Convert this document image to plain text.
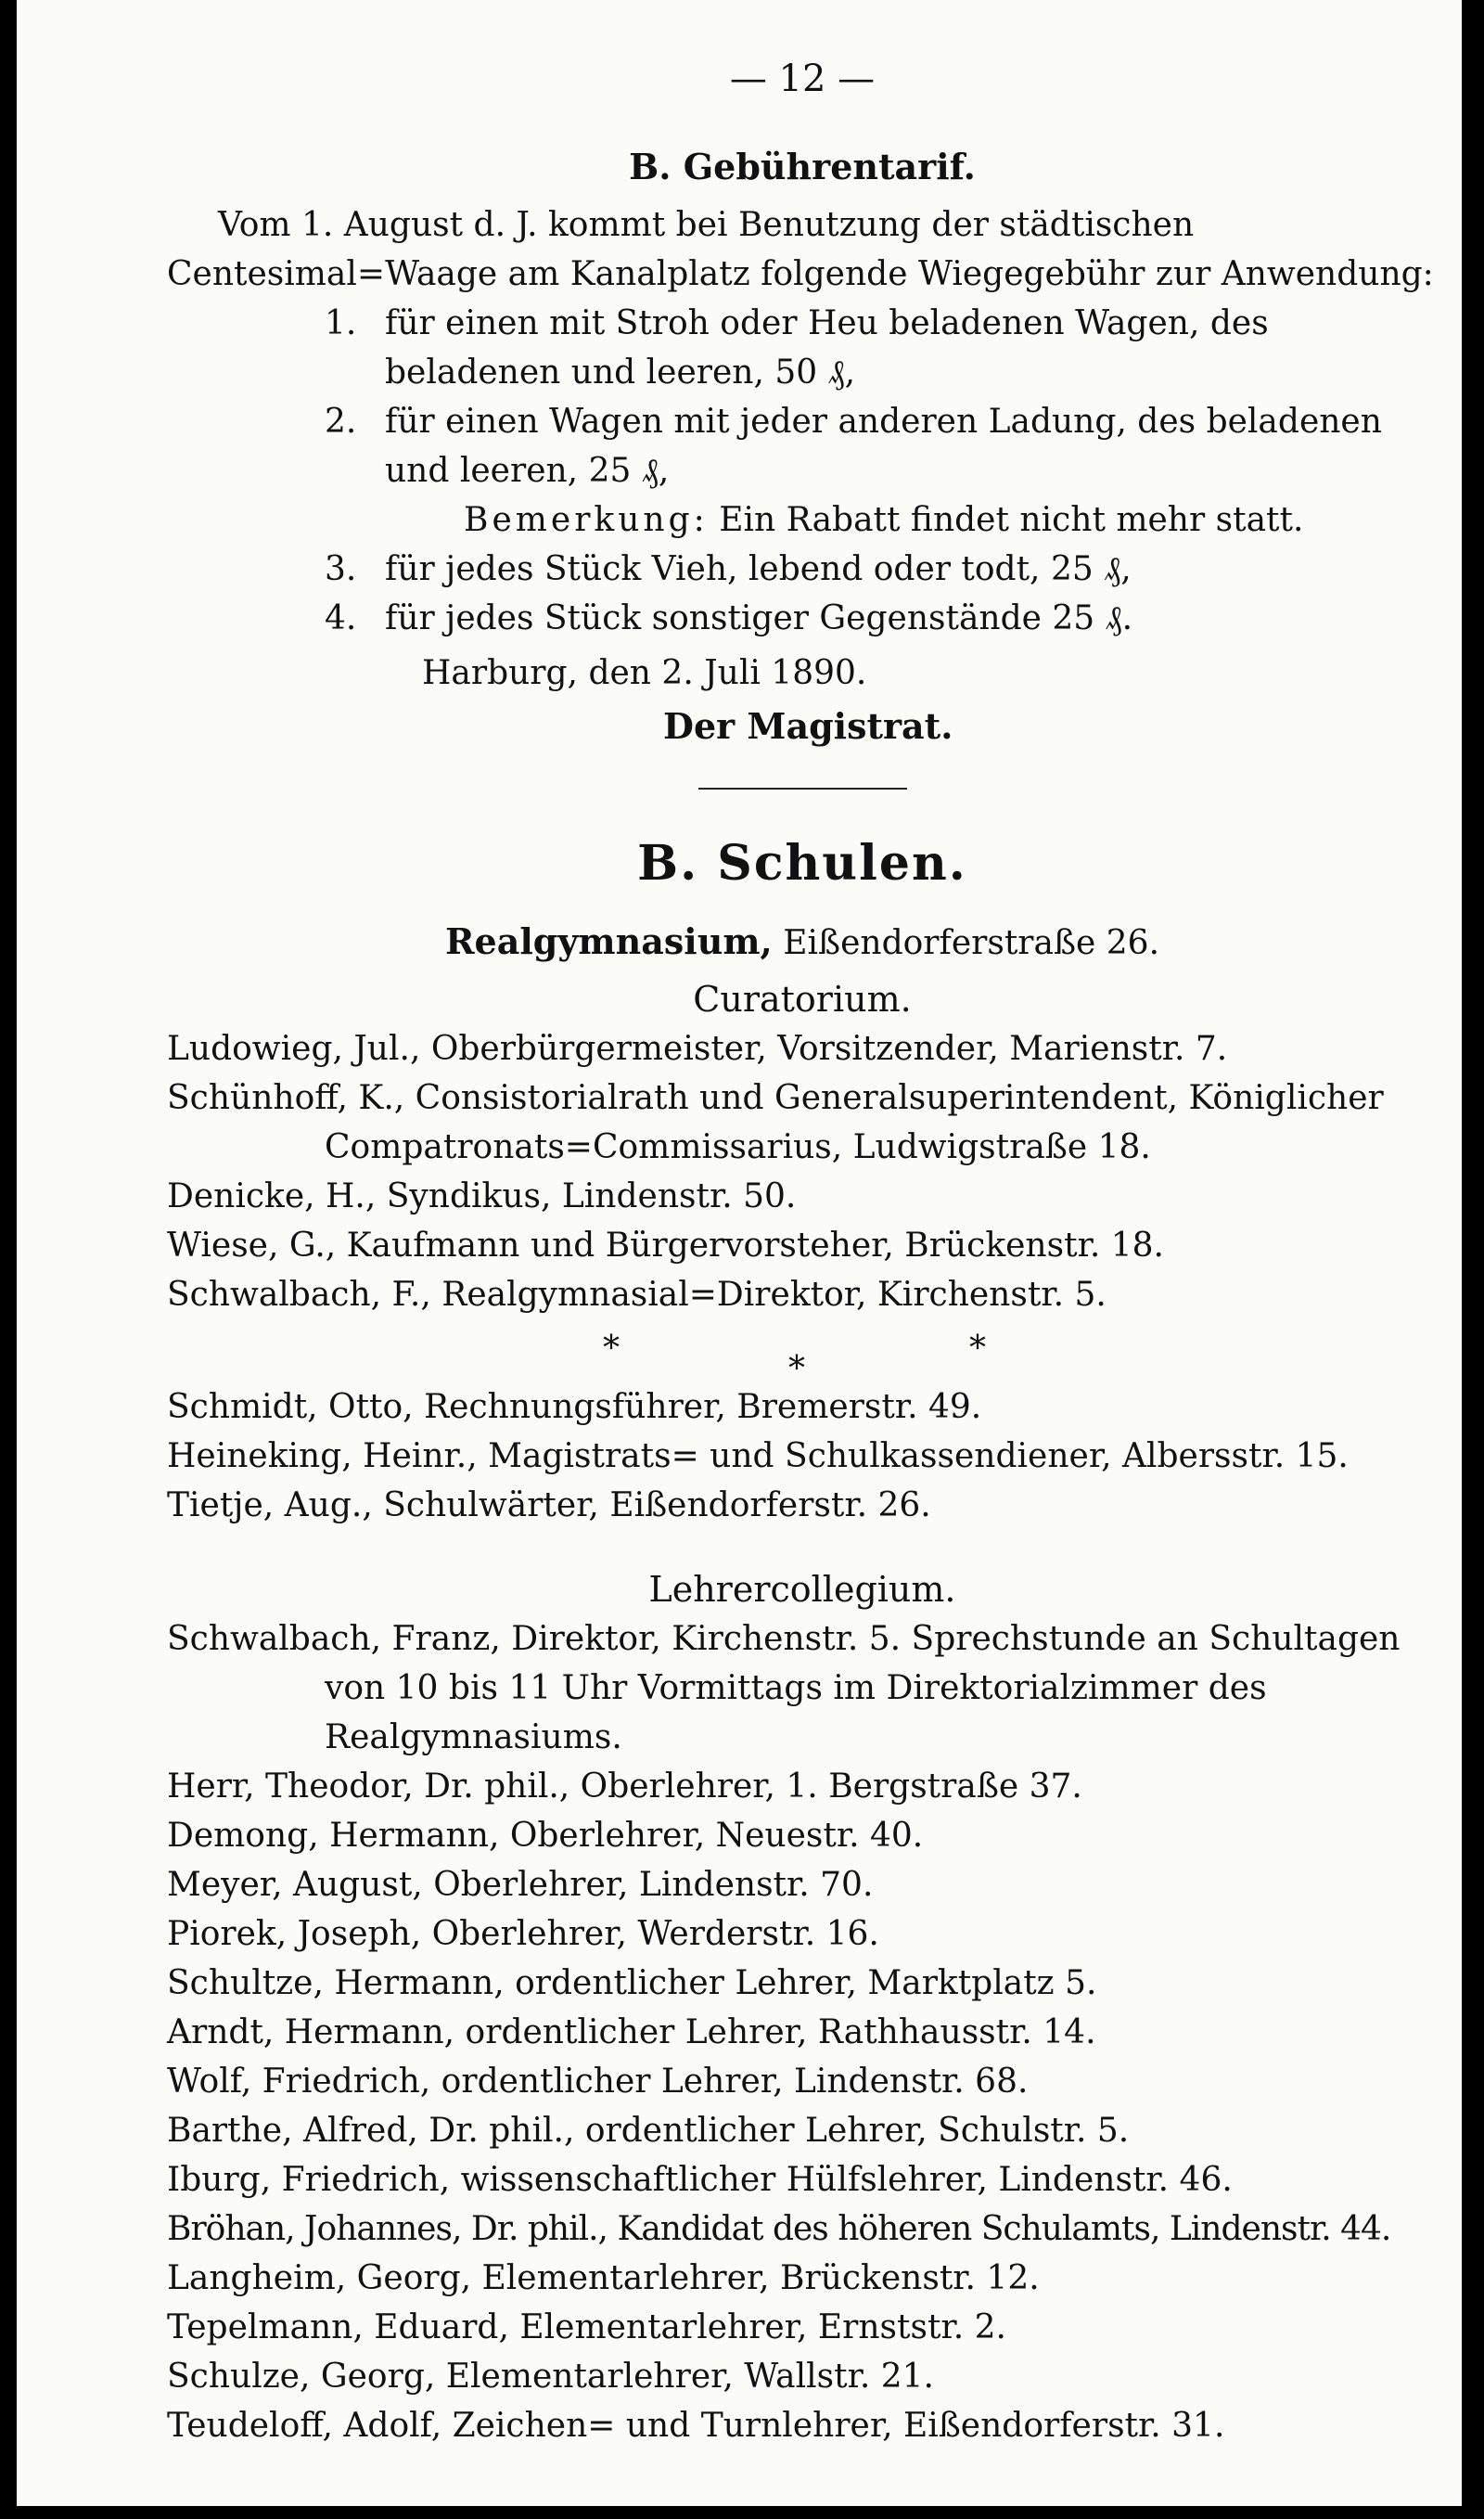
— 12 —
B. Gebührentarif.

Vom 1. August d. J. kommt bei Benutzung der städtischen Centesimal=Waage am Kanalplatz folgende Wiegegebühr zur Anwendung:

1. für einen mit Stroh oder Heu beladenen Wagen, des beladenen und leeren, 50 ₰,

2. für einen Wagen mit jeder anderen Ladung, des beladenen und leeren, 25 ₰,

Bemerkung: Ein Rabatt findet nicht mehr statt.

3. für jedes Stück Vieh, lebend oder todt, 25 ₰,

4. für jedes Stück sonstiger Gegenstände 25 ₰.

Harburg, den 2. Juli 1890.

Der Magistrat.

B. Schulen.
Realgymnasium, Eißendorferstraße 26.
Curatorium.

Ludowieg, Jul., Oberbürgermeister, Vorsitzender, Marienstr. 7.

Schünhoff, K., Consistorialrath und Generalsuperintendent, Königlicher Compatronats=Commissarius, Ludwigstraße 18.

Denicke, H., Syndikus, Lindenstr. 50.

Wiese, G., Kaufmann und Bürgervorsteher, Brückenstr. 18.

Schwalbach, F., Realgymnasial=Direktor, Kirchenstr. 5.

*
*
*

Schmidt, Otto, Rechnungsführer, Bremerstr. 49.

Heineking, Heinr., Magistrats= und Schulkassendiener, Albersstr. 15.

Tietje, Aug., Schulwärter, Eißendorferstr. 26.

Lehrercollegium.

Schwalbach, Franz, Direktor, Kirchenstr. 5. Sprechstunde an Schultagen von 10 bis 11 Uhr Vormittags im Direktorialzimmer des Realgymnasiums.

Herr, Theodor, Dr. phil., Oberlehrer, 1. Bergstraße 37.

Demong, Hermann, Oberlehrer, Neuestr. 40.

Meyer, August, Oberlehrer, Lindenstr. 70.

Piorek, Joseph, Oberlehrer, Werderstr. 16.

Schultze, Hermann, ordentlicher Lehrer, Marktplatz 5.

Arndt, Hermann, ordentlicher Lehrer, Rathhausstr. 14.

Wolf, Friedrich, ordentlicher Lehrer, Lindenstr. 68.

Barthe, Alfred, Dr. phil., ordentlicher Lehrer, Schulstr. 5.

Iburg, Friedrich, wissenschaftlicher Hülfslehrer, Lindenstr. 46.

Bröhan, Johannes, Dr. phil., Kandidat des höheren Schulamts, Lindenstr. 44.

Langheim, Georg, Elementarlehrer, Brückenstr. 12.

Tepelmann, Eduard, Elementarlehrer, Ernststr. 2.

Schulze, Georg, Elementarlehrer, Wallstr. 21.

Teudeloff, Adolf, Zeichen= und Turnlehrer, Eißendorferstr. 31.
